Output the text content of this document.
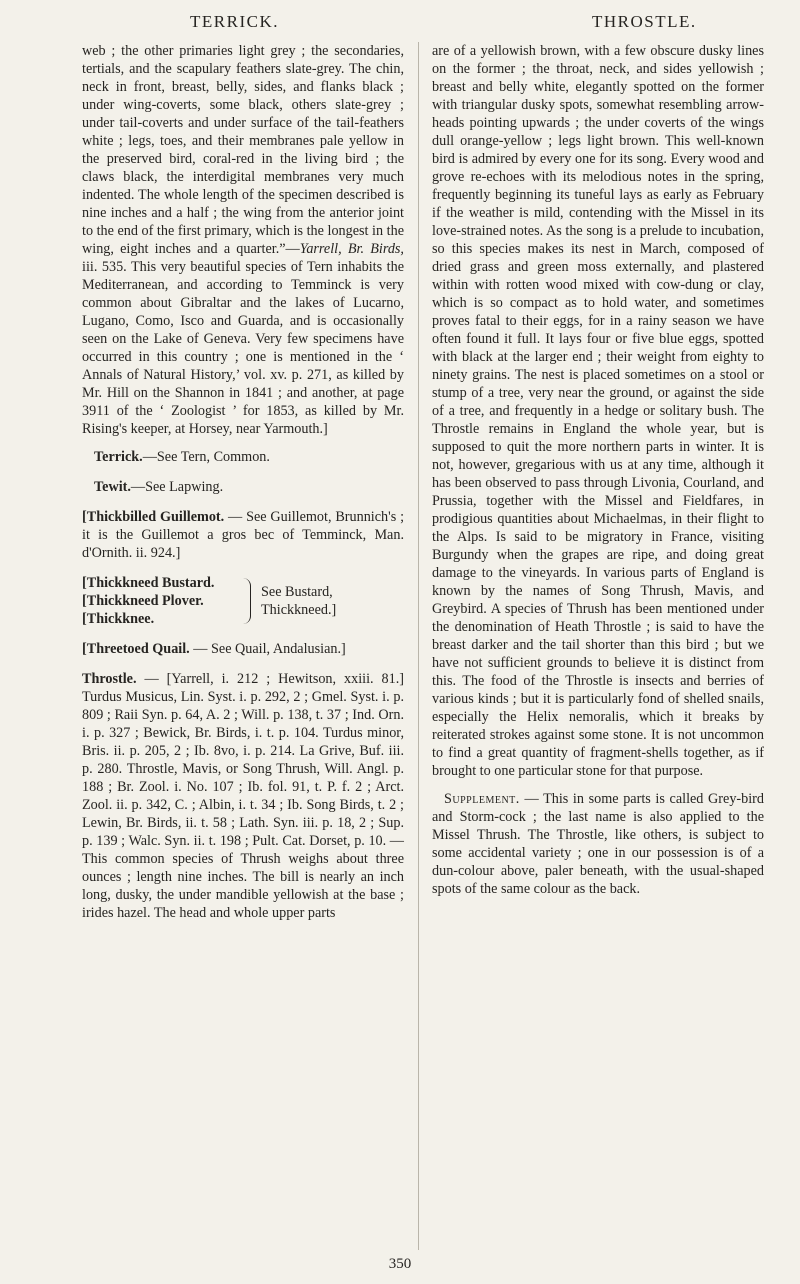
TERRICK.	THROSTLE.

web ; the other primaries light grey ; the secondaries, tertials, and the scapulary feathers slate-grey. The chin, neck in front, breast, belly, sides, and flanks black ; under wing-coverts, some black, others slate-grey ; under tail-coverts and under surface of the tail-feathers white ; legs, toes, and their membranes pale yellow in the preserved bird, coral-red in the living bird ; the claws black, the interdigital membranes very much indented. The whole length of the specimen described is nine inches and a half ; the wing from the anterior joint to the end of the first primary, which is the longest in the wing, eight inches and a quarter.”—Yarrell, Br. Birds, iii. 535. This very beautiful species of Tern inhabits the Mediterranean, and according to Temminck is very common about Gibraltar and the lakes of Lucarno, Lugano, Como, Isco and Guarda, and is occasionally seen on the Lake of Geneva. Very few specimens have occurred in this country ; one is mentioned in the ‘ Annals of Natural History,’ vol. xv. p. 271, as killed by Mr. Hill on the Shannon in 1841 ; and another, at page 3911 of the ‘ Zoologist ’ for 1853, as killed by Mr. Rising's keeper, at Horsey, near Yarmouth.]

Terrick.—See Tern, Common.

Tewit.—See Lapwing.

[Thickbilled Guillemot. — See Guillemot, Brunnich's ; it is the Guillemot a gros bec of Temminck, Man. d'Ornith. ii. 924.]

[Thickkneed Bustard.
[Thickkneed Plover.
[Thickknee.
See Bustard,
Thickkneed.]

[Threetoed Quail. — See Quail, Andalusian.]

Throstle. — [Yarrell, i. 212 ; Hewitson, xxiii. 81.] Turdus Musicus, Lin. Syst. i. p. 292, 2 ; Gmel. Syst. i. p. 809 ; Raii Syn. p. 64, A. 2 ; Will. p. 138, t. 37 ; Ind. Orn. i. p. 327 ; Bewick, Br. Birds, i. t. p. 104. Turdus minor, Bris. ii. p. 205, 2 ; Ib. 8vo, i. p. 214. La Grive, Buf. iii. p. 280. Throstle, Mavis, or Song Thrush, Will. Angl. p. 188 ; Br. Zool. i. No. 107 ; Ib. fol. 91, t. P. f. 2 ; Arct. Zool. ii. p. 342, C. ; Albin, i. t. 34 ; Ib. Song Birds, t. 2 ; Lewin, Br. Birds, ii. t. 58 ; Lath. Syn. iii. p. 18, 2 ; Sup. p. 139 ; Walc. Syn. ii. t. 198 ; Pult. Cat. Dorset, p. 10. — This common species of Thrush weighs about three ounces ; length nine inches. The bill is nearly an inch long, dusky, the under mandible yellowish at the base ; irides hazel. The head and whole upper parts

are of a yellowish brown, with a few obscure dusky lines on the former ; the throat, neck, and sides yellowish ; breast and belly white, elegantly spotted on the former with triangular dusky spots, somewhat resembling arrow-heads pointing upwards ; the under coverts of the wings dull orange-yellow ; legs light brown. This well-known bird is admired by every one for its song. Every wood and grove re-echoes with its melodious notes in the spring, frequently beginning its tuneful lays as early as February if the weather is mild, contending with the Missel in its love-strained notes. As the song is a prelude to incubation, so this species makes its nest in March, composed of dried grass and green moss externally, and plastered within with rotten wood mixed with cow-dung or clay, which is so compact as to hold water, and sometimes proves fatal to their eggs, for in a rainy season we have often found it full. It lays four or five blue eggs, spotted with black at the larger end ; their weight from eighty to ninety grains. The nest is placed sometimes on a stool or stump of a tree, very near the ground, or against the side of a tree, and frequently in a hedge or solitary bush. The Throstle remains in England the whole year, but is supposed to quit the more northern parts in winter. It is not, however, gregarious with us at any time, although it has been observed to pass through Livonia, Courland, and Prussia, together with the Missel and Fieldfares, in prodigious quantities about Michaelmas, in their flight to the Alps. Is said to be migratory in France, visiting Burgundy when the grapes are ripe, and doing great damage to the vineyards. In various parts of England is known by the names of Song Thrush, Mavis, and Greybird. A species of Thrush has been mentioned under the denomination of Heath Throstle ; is said to have the breast darker and the tail shorter than this bird ; but we have not sufficient grounds to believe it is distinct from this. The food of the Throstle is insects and berries of various kinds ; but it is particularly fond of shelled snails, especially the Helix nemoralis, which it breaks by reiterated strokes against some stone. It is not uncommon to find a great quantity of fragment-shells together, as if brought to one particular stone for that purpose.

Supplement. — This in some parts is called Grey-bird and Storm-cock ; the last name is also applied to the Missel Thrush. The Throstle, like others, is subject to some accidental variety ; one in our possession is of a dun-colour above, paler beneath, with the usual-shaped spots of the same colour as the back.

350
